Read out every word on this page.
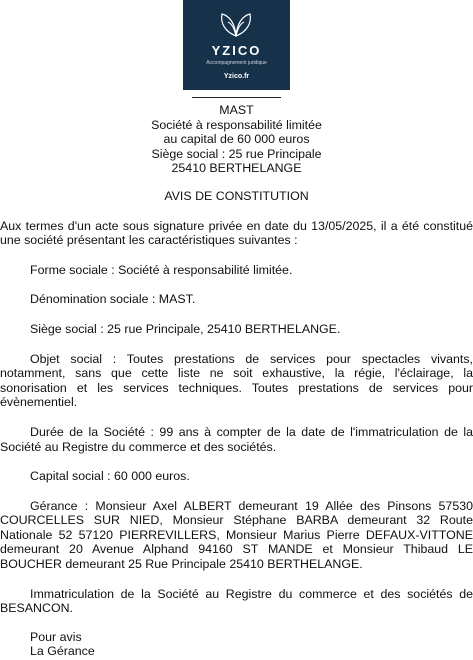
YZICO
Accompagnement juridique
Yzico.fr

MAST

Société à responsabilité limitée

au capital de 60 000 euros

Siège social : 25 rue Principale

25410 BERTHELANGE

AVIS DE CONSTITUTION

Aux termes d'un acte sous signature privée en date du 13/05/2025, il a été constitué une société présentant les caractéristiques suivantes :

Forme sociale : Société à responsabilité limitée.

Dénomination sociale : MAST.

Siège social : 25 rue Principale, 25410 BERTHELANGE.

Objet social : Toutes prestations de services pour spectacles vivants, notamment, sans que cette liste ne soit exhaustive, la régie, l'éclairage, la sonorisation et les services techniques. Toutes prestations de services pour évènementiel.

Durée de la Société : 99 ans à compter de la date de l'immatriculation de la Société au Registre du commerce et des sociétés.

Capital social : 60 000 euros.

Gérance : Monsieur Axel ALBERT demeurant 19 Allée des Pinsons 57530 COURCELLES SUR NIED, Monsieur Stéphane BARBA demeurant 32 Route Nationale 52 57120 PIERREVILLERS, Monsieur Marius Pierre DEFAUX-VITTONE demeurant 20 Avenue Alphand 94160 ST MANDE et Monsieur Thibaud LE BOUCHER demeurant 25 Rue Principale 25410 BERTHELANGE.

Immatriculation de la Société au Registre du commerce et des sociétés de BESANCON.

Pour avis
La Gérance
